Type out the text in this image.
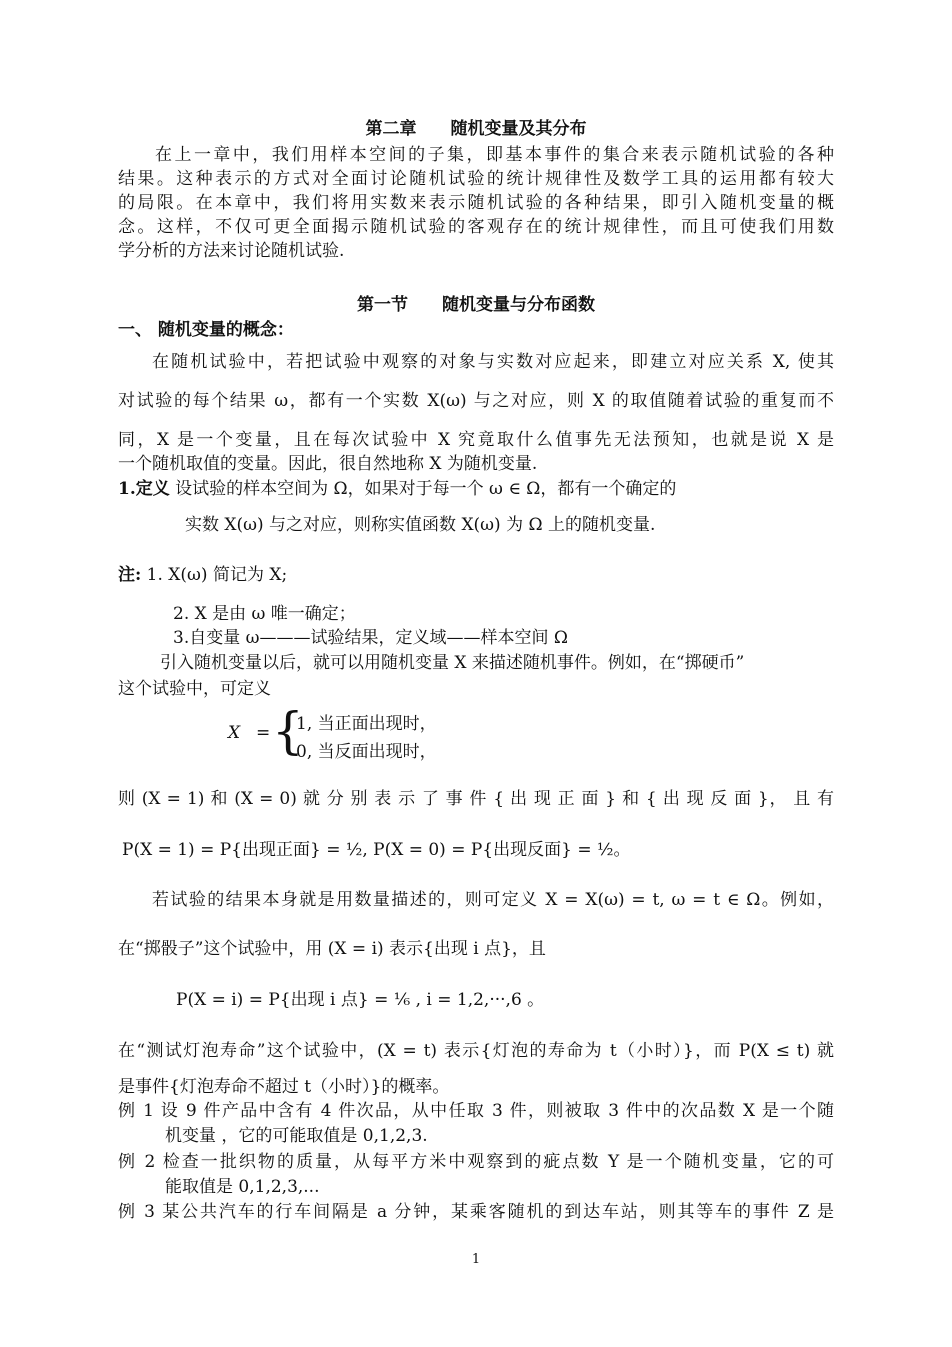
第二章　　随机变量及其分布
在上一章中，我们用样本空间的子集，即基本事件的集合来表示随机试验的各种
结果。这种表示的方式对全面讨论随机试验的统计规律性及数学工具的运用都有较大
的局限。在本章中，我们将用实数来表示随机试验的各种结果，即引入随机变量的概
念。这样，不仅可更全面揭示随机试验的客观存在的统计规律性，而且可使我们用数
学分析的方法来讨论随机试验.
第一节　　随机变量与分布函数
一、 随机变量的概念：
在随机试验中，若把试验中观察的对象与实数对应起来，即建立对应关系 X, 使其
对试验的每个结果 ω，都有一个实数 X(ω) 与之对应，则 X 的取值随着试验的重复而不
同，X 是一个变量，且在每次试验中 X 究竟取什么值事先无法预知，也就是说 X 是
一个随机取值的变量。因此，很自然地称 X 为随机变量.
1.定义 设试验的样本空间为 Ω，如果对于每一个 ω ∈ Ω，都有一个确定的
实数 X(ω) 与之对应，则称实值函数 X(ω) 为 Ω 上的随机变量.
注: 1. X(ω) 简记为 X;
2. X 是由 ω 唯一确定；
3.自变量 ω———试验结果，定义域——样本空间 Ω
引入随机变量以后，就可以用随机变量 X 来描述随机事件。例如，在“掷硬币”
这个试验中，可定义
X = {
1, 当正面出现时，
0, 当反面出现时，
则 (X = 1) 和 (X = 0) 就 分 别 表 示 了 事 件 { 出 现 正 面 } 和 { 出 现 反 面 }， 且 有
P(X = 1) = P{出现正面} = ½, P(X = 0) = P{出现反面} = ½。
若试验的结果本身就是用数量描述的，则可定义 X = X(ω) = t, ω = t ∈ Ω。例如，
在“掷骰子”这个试验中，用 (X = i) 表示{出现 i 点}，且
P(X = i) = P{出现 i 点} = ⅙ , i = 1,2,···,6 。
在“测试灯泡寿命”这个试验中，(X = t) 表示{灯泡的寿命为 t（小时）}，而 P(X ≤ t) 就
是事件{灯泡寿命不超过 t（小时）}的概率。
例 1 设 9 件产品中含有 4 件次品，从中任取 3 件，则被取 3 件中的次品数 X 是一个随
机变量 ，它的可能取值是 0,1,2,3.
例 2 检查一批织物的质量，从每平方米中观察到的疵点数 Y 是一个随机变量，它的可
能取值是 0,1,2,3,...
例 3 某公共汽车的行车间隔是 a 分钟，某乘客随机的到达车站，则其等车的事件 Z 是
1
